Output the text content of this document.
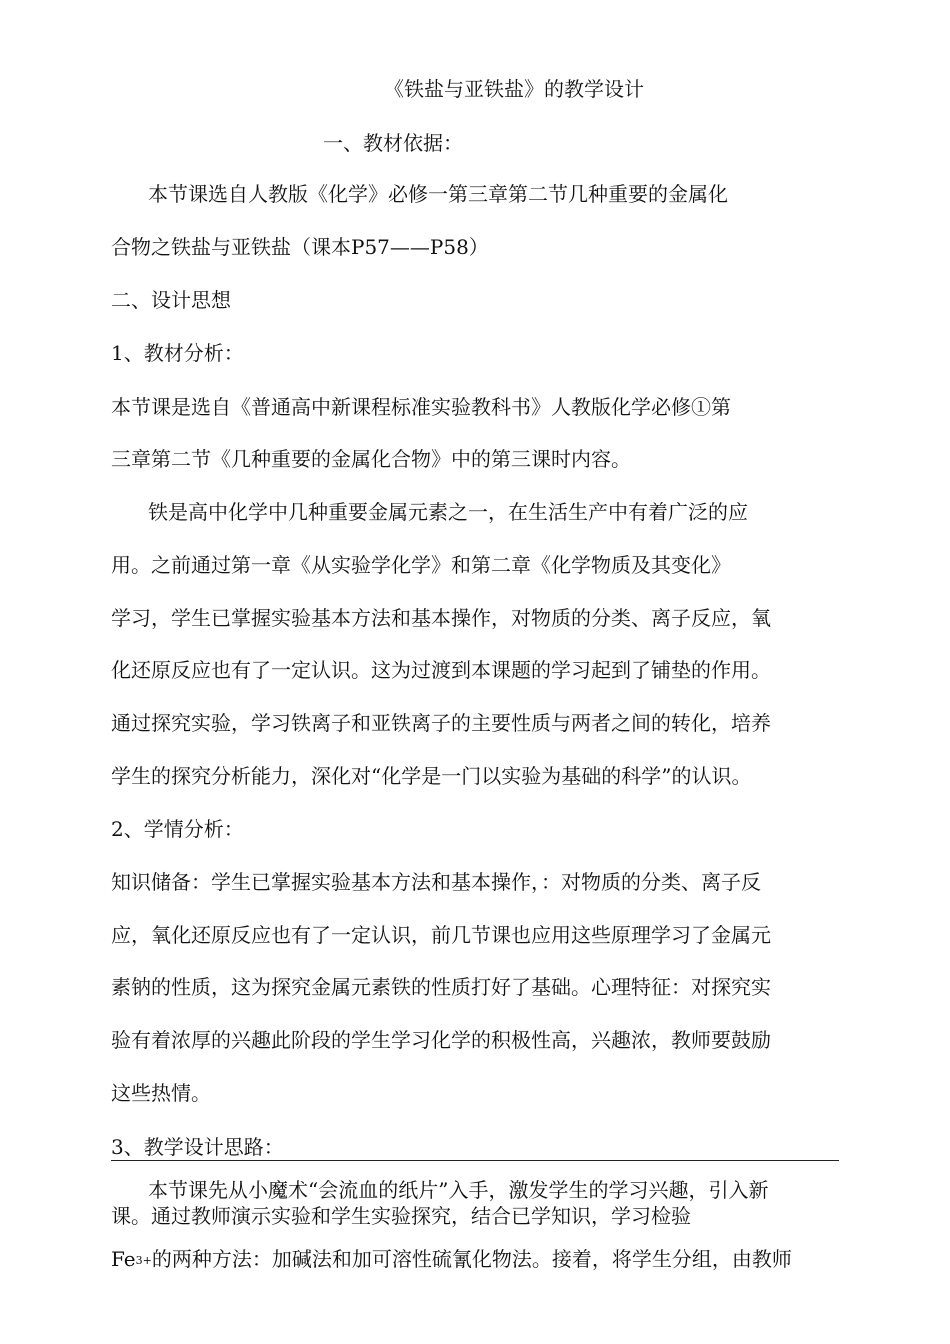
《铁盐与亚铁盐》的教学设计

一、教材依据：

本节课选自人教版《化学》必修一第三章第二节几种重要的金属化

合物之铁盐与亚铁盐（课本P57——P58）

二、设计思想

1、教材分析：

本节课是选自《普通高中新课程标准实验教科书》人教版化学必修①第

三章第二节《几种重要的金属化合物》中的第三课时内容。

铁是高中化学中几种重要金属元素之一，在生活生产中有着广泛的应

用。之前通过第一章《从实验学化学》和第二章《化学物质及其变化》

学习，学生已掌握实验基本方法和基本操作，对物质的分类、离子反应，氧

化还原反应也有了一定认识。这为过渡到本课题的学习起到了铺垫的作用。

通过探究实验，学习铁离子和亚铁离子的主要性质与两者之间的转化，培养

学生的探究分析能力，深化对“化学是一门以实验为基础的科学”的认识。

2、学情分析：

知识储备：学生已掌握实验基本方法和基本操作，：对物质的分类、离子反

应，氧化还原反应也有了一定认识，前几节课也应用这些原理学习了金属元

素钠的性质，这为探究金属元素铁的性质打好了基础。心理特征：对探究实

验有着浓厚的兴趣此阶段的学生学习化学的积极性高，兴趣浓，教师要鼓励

这些热情。

3、教学设计思路：

本节课先从小魔术“会流血的纸片”入手，激发学生的学习兴趣，引入新

课。通过教师演示实验和学生实验探究，结合已学知识，学习检验

$Fe^{3+}$的两种方法：加碱法和加可溶性硫氰化物法。接着，将学生分组，由教师
